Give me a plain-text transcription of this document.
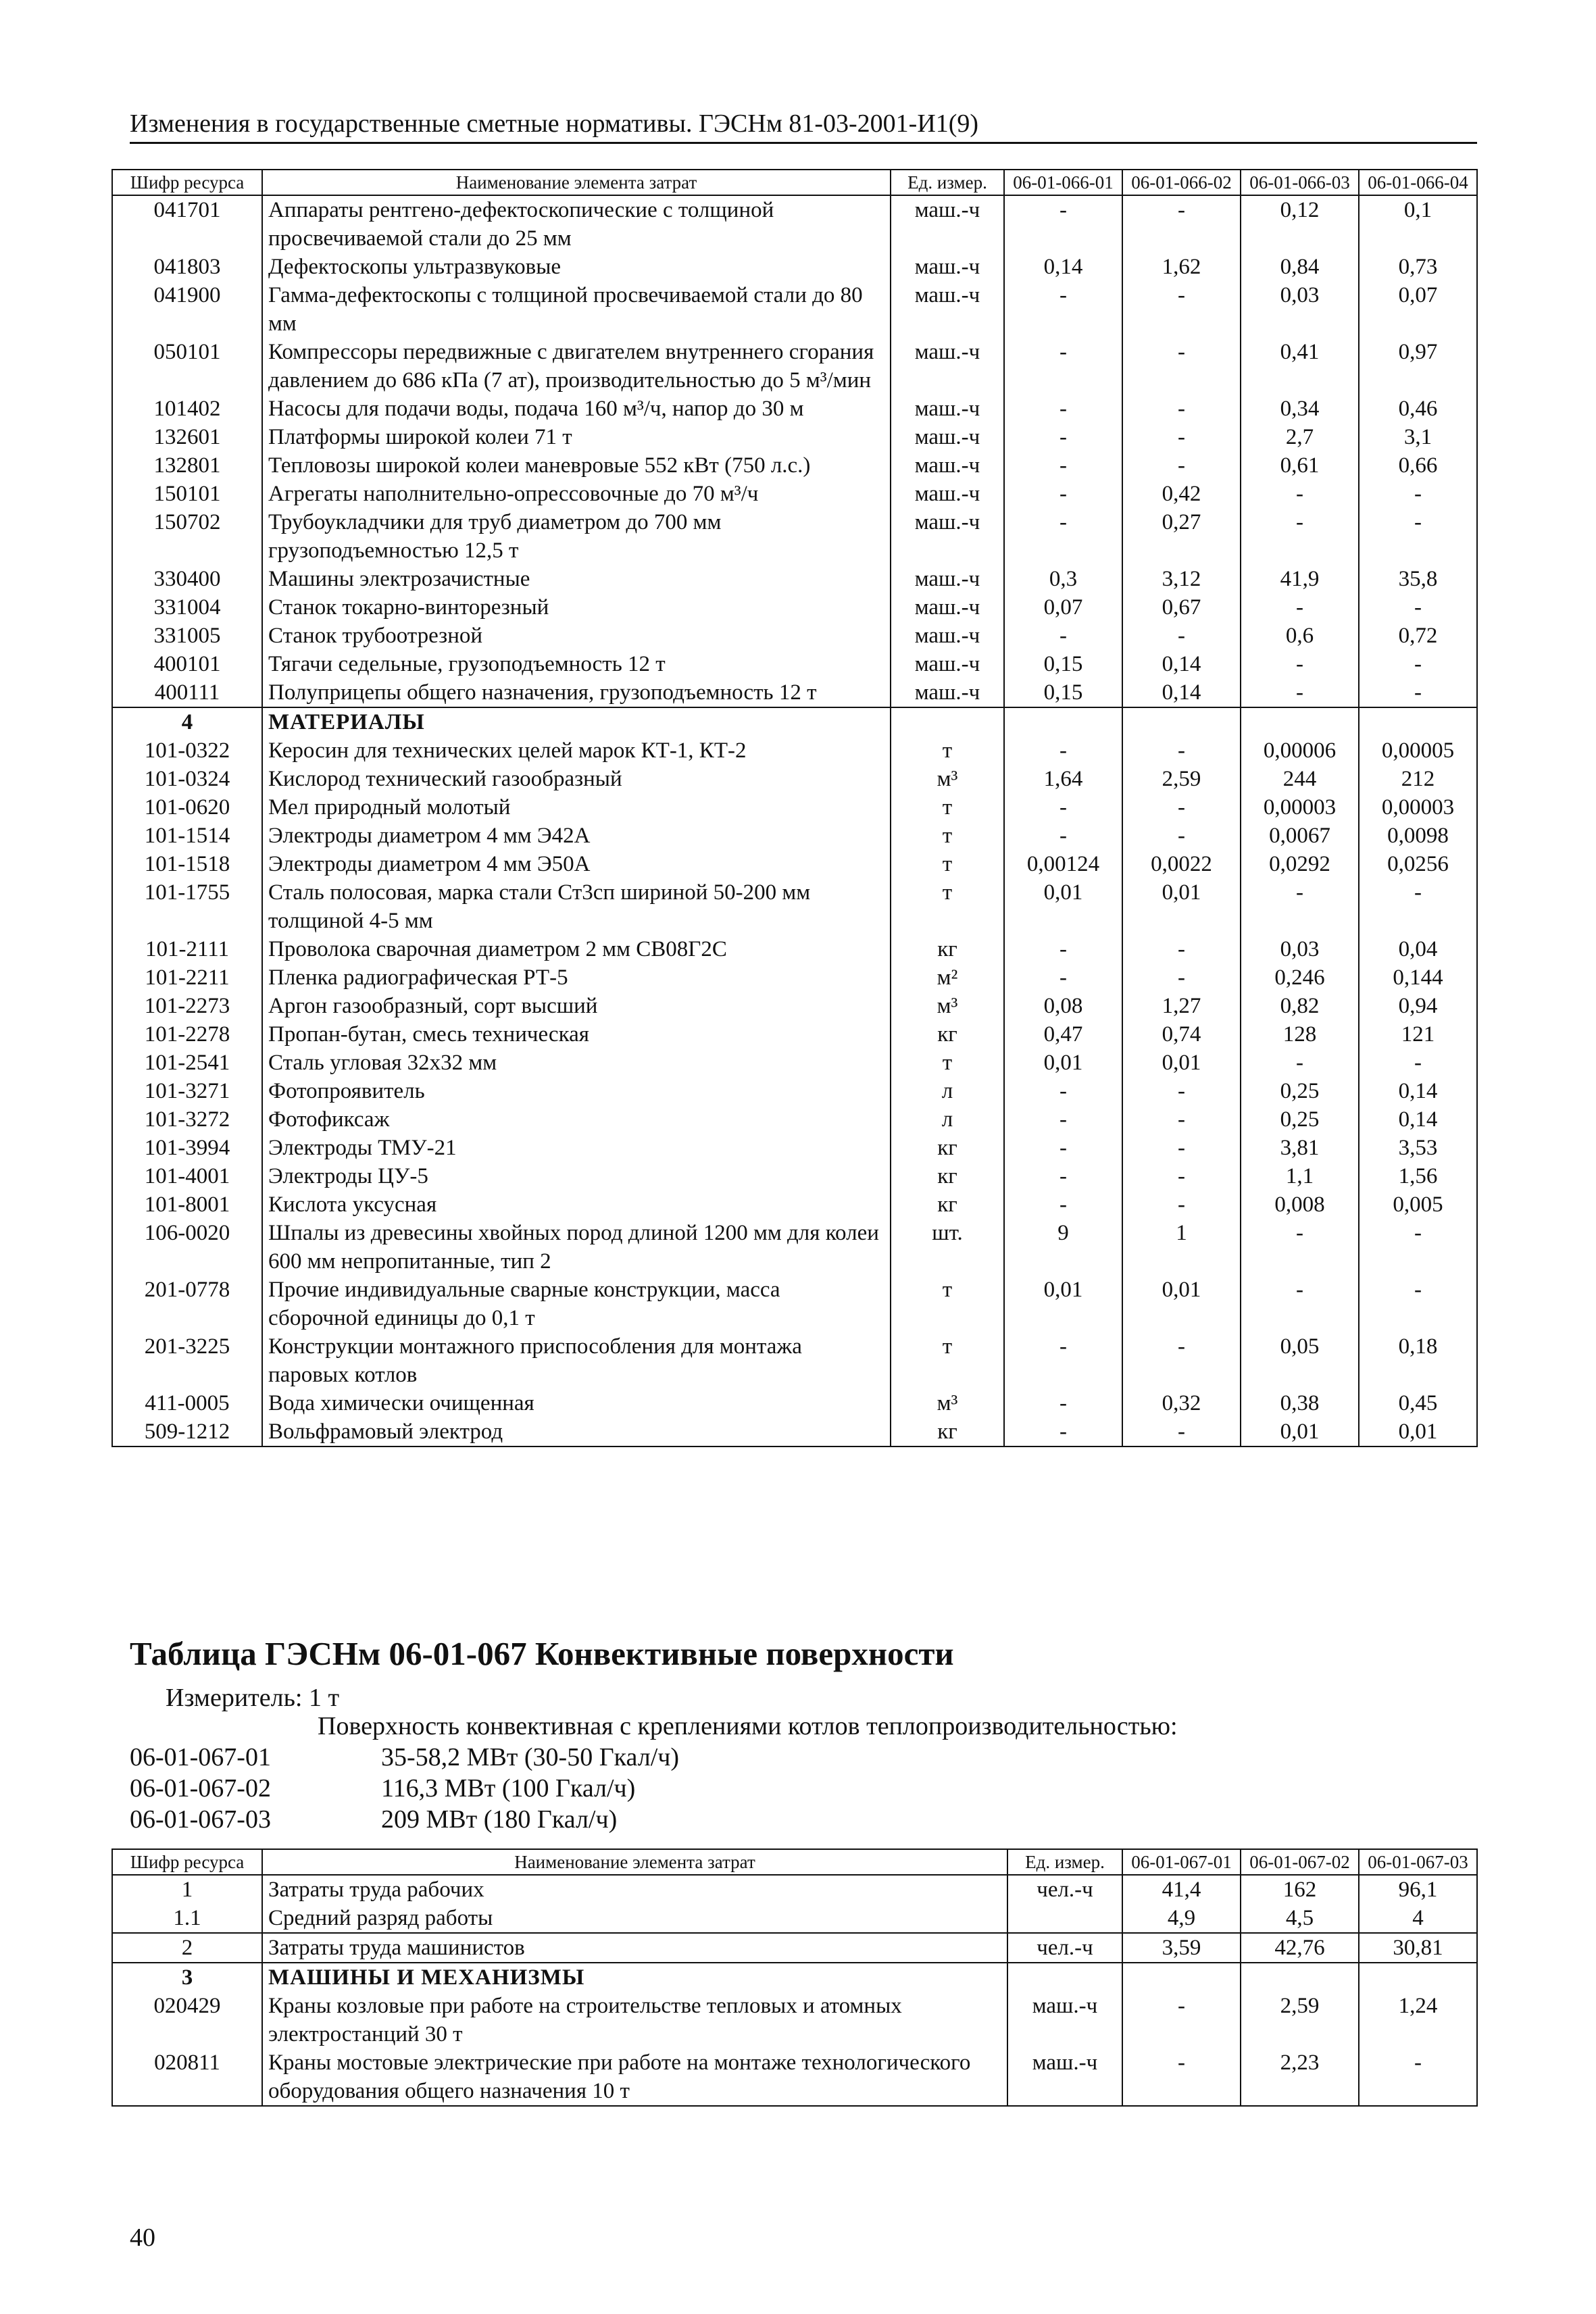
Изменения в государственные сметные нормативы. ГЭСНм 81-03-2001-И1(9)
Шифр ресурса	Наименование элемента затрат	Ед. измер.	06-01-066-01	06-01-066-02	06-01-066-03	06-01-066-04
041701	Аппараты рентгено-дефектоскопические с толщиной просвечиваемой стали до 25 мм	маш.-ч	-	-	0,12	0,1
041803	Дефектоскопы ультразвуковые	маш.-ч	0,14	1,62	0,84	0,73
041900	Гамма-дефектоскопы с толщиной просвечиваемой стали до 80 мм	маш.-ч	-	-	0,03	0,07
050101	Компрессоры передвижные с двигателем внутреннего сгорания давлением до 686 кПа (7 ат), производительностью до 5 м³/мин	маш.-ч	-	-	0,41	0,97
101402	Насосы для подачи воды, подача 160 м³/ч, напор до 30 м	маш.-ч	-	-	0,34	0,46
132601	Платформы широкой колеи 71 т	маш.-ч	-	-	2,7	3,1
132801	Тепловозы широкой колеи маневровые 552 кВт (750 л.с.)	маш.-ч	-	-	0,61	0,66
150101	Агрегаты наполнительно-опрессовочные до 70 м³/ч	маш.-ч	-	0,42	-	-
150702	Трубоукладчики для труб диаметром до 700 мм грузоподъемностью 12,5 т	маш.-ч	-	0,27	-	-
330400	Машины электрозачистные	маш.-ч	0,3	3,12	41,9	35,8
331004	Станок токарно-винторезный	маш.-ч	0,07	0,67	-	-
331005	Станок трубоотрезной	маш.-ч	-	-	0,6	0,72
400101	Тягачи седельные, грузоподъемность 12 т	маш.-ч	0,15	0,14	-	-
400111	Полуприцепы общего назначения, грузоподъемность 12 т	маш.-ч	0,15	0,14	-	-
4	МАТЕРИАЛЫ					
101-0322	Керосин для технических целей марок КТ-1, КТ-2	т	-	-	0,00006	0,00005
101-0324	Кислород технический газообразный	м³	1,64	2,59	244	212
101-0620	Мел природный молотый	т	-	-	0,00003	0,00003
101-1514	Электроды диаметром 4 мм Э42А	т	-	-	0,0067	0,0098
101-1518	Электроды диаметром 4 мм Э50А	т	0,00124	0,0022	0,0292	0,0256
101-1755	Сталь полосовая, марка стали Ст3сп шириной 50-200 мм толщиной 4-5 мм	т	0,01	0,01	-	-
101-2111	Проволока сварочная диаметром 2 мм СВ08Г2С	кг	-	-	0,03	0,04
101-2211	Пленка радиографическая РТ-5	м²	-	-	0,246	0,144
101-2273	Аргон газообразный, сорт высший	м³	0,08	1,27	0,82	0,94
101-2278	Пропан-бутан, смесь техническая	кг	0,47	0,74	128	121
101-2541	Сталь угловая 32х32 мм	т	0,01	0,01	-	-
101-3271	Фотопроявитель	л	-	-	0,25	0,14
101-3272	Фотофиксаж	л	-	-	0,25	0,14
101-3994	Электроды ТМУ-21	кг	-	-	3,81	3,53
101-4001	Электроды ЦУ-5	кг	-	-	1,1	1,56
101-8001	Кислота уксусная	кг	-	-	0,008	0,005
106-0020	Шпалы из древесины хвойных пород длиной 1200 мм для колеи 600 мм непропитанные, тип 2	шт.	9	1	-	-
201-0778	Прочие индивидуальные сварные конструкции, масса сборочной единицы до 0,1 т	т	0,01	0,01	-	-
201-3225	Конструкции монтажного приспособления для монтажа паровых котлов	т	-	-	0,05	0,18
411-0005	Вода химически очищенная	м³	-	0,32	0,38	0,45
509-1212	Вольфрамовый электрод	кг	-	-	0,01	0,01
Таблица ГЭСНм 06-01-067 Конвективные поверхности
Измеритель: 1 т
Поверхность конвективная с креплениями котлов теплопроизводительностью:
06-01-067-01	35-58,2 МВт (30-50 Гкал/ч)
06-01-067-02	116,3 МВт (100 Гкал/ч)
06-01-067-03	209 МВт (180 Гкал/ч)
Шифр ресурса	Наименование элемента затрат	Ед. измер.	06-01-067-01	06-01-067-02	06-01-067-03
1	Затраты труда рабочих	чел.-ч	41,4	162	96,1
1.1	Средний разряд работы		4,9	4,5	4
2	Затраты труда машинистов	чел.-ч	3,59	42,76	30,81
3	МАШИНЫ И МЕХАНИЗМЫ				
020429	Краны козловые при работе на строительстве тепловых и атомных электростанций 30 т	маш.-ч	-	2,59	1,24
020811	Краны мостовые электрические при работе на монтаже технологического оборудования общего назначения 10 т	маш.-ч	-	2,23	-
40
